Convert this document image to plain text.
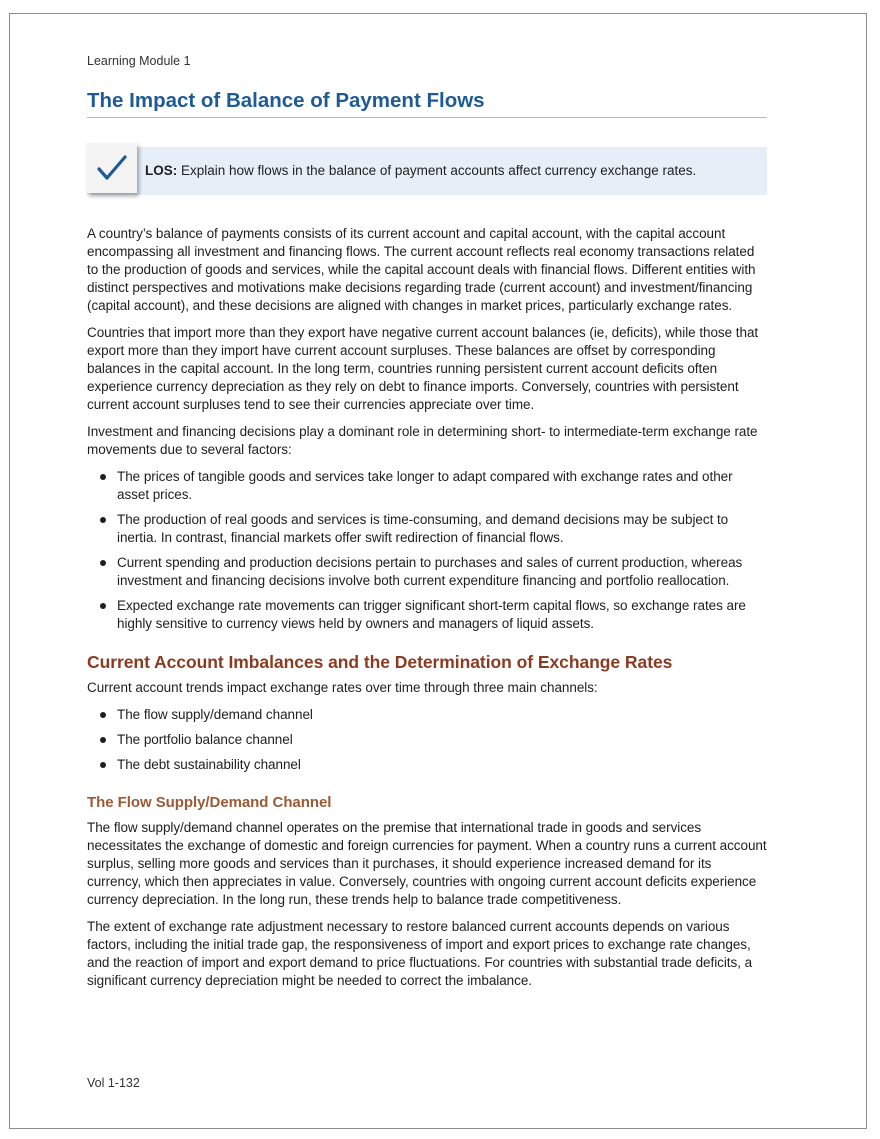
Learning Module 1
The Impact of Balance of Payment Flows
LOS: Explain how flows in the balance of payment accounts affect currency exchange rates.

A country’s balance of payments consists of its current account and capital account, with the capital account encompassing all investment and financing flows. The current account reflects real economy transactions related to the production of goods and services, while the capital account deals with financial flows. Different entities with distinct perspectives and motivations make decisions regarding trade (current account) and investment/financing (capital account), and these decisions are aligned with changes in market prices, particularly exchange rates.

Countries that import more than they export have negative current account balances (ie, deficits), while those that export more than they import have current account surpluses. These balances are offset by corresponding balances in the capital account. In the long term, countries running persistent current account deficits often experience currency depreciation as they rely on debt to finance imports. Conversely, countries with persistent current account surpluses tend to see their currencies appreciate over time.

Investment and financing decisions play a dominant role in determining short- to intermediate-term exchange rate movements due to several factors:

The prices of tangible goods and services take longer to adapt compared with exchange rates and other asset prices.
The production of real goods and services is time-consuming, and demand decisions may be subject to inertia. In contrast, financial markets offer swift redirection of financial flows.
Current spending and production decisions pertain to purchases and sales of current production, whereas investment and financing decisions involve both current expenditure financing and portfolio reallocation.
Expected exchange rate movements can trigger significant short-term capital flows, so exchange rates are highly sensitive to currency views held by owners and managers of liquid assets.
Current Account Imbalances and the Determination of Exchange Rates

Current account trends impact exchange rates over time through three main channels:

The flow supply/demand channel
The portfolio balance channel
The debt sustainability channel
The Flow Supply/Demand Channel

The flow supply/demand channel operates on the premise that international trade in goods and services necessitates the exchange of domestic and foreign currencies for payment. When a country runs a current account surplus, selling more goods and services than it purchases, it should experience increased demand for its currency, which then appreciates in value. Conversely, countries with ongoing current account deficits experience currency depreciation. In the long run, these trends help to balance trade competitiveness.

The extent of exchange rate adjustment necessary to restore balanced current accounts depends on various factors, including the initial trade gap, the responsiveness of import and export prices to exchange rate changes, and the reaction of import and export demand to price fluctuations. For countries with substantial trade deficits, a significant currency depreciation might be needed to correct the imbalance.

Vol 1-132
